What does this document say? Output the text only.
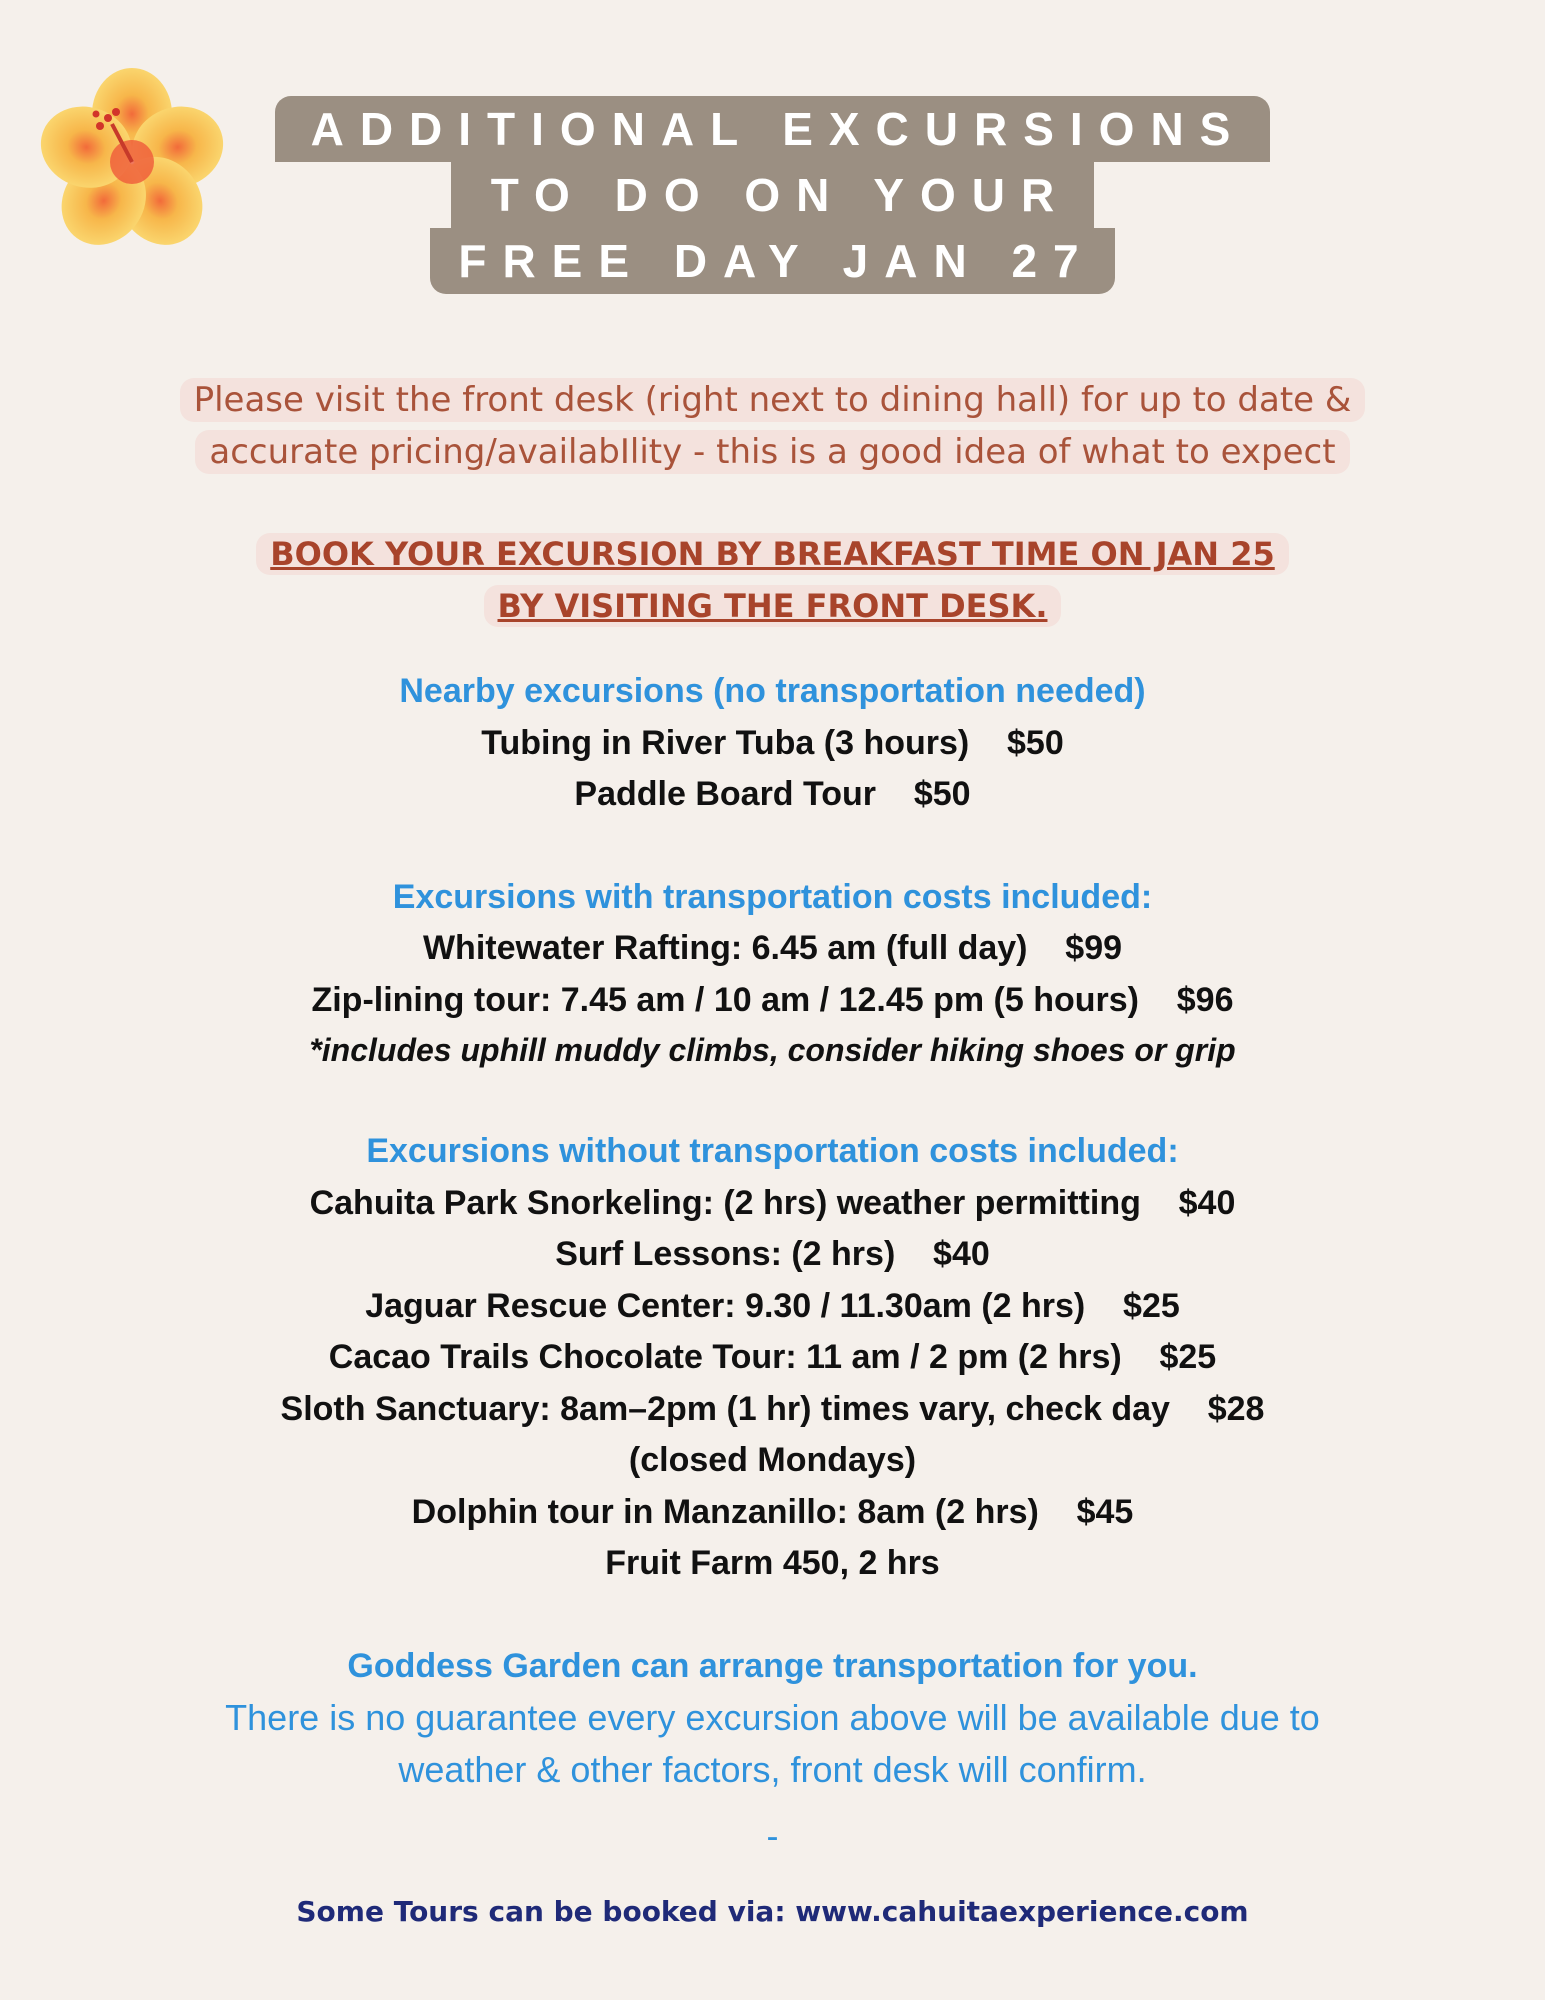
ADDITIONAL EXCURSIONS
TO DO ON YOUR
FREE DAY JAN 27
Please visit the front desk (right next to dining hall) for up to date &
accurate pricing/availabIlity - this is a good idea of what to expect
BOOK YOUR EXCURSION BY BREAKFAST TIME ON JAN 25
BY VISITING THE FRONT DESK.
Nearby excursions (no transportation needed)
Tubing in River Tuba (3 hours)    $50
Paddle Board Tour    $50
Excursions with transportation costs included:
Whitewater Rafting: 6.45 am (full day)    $99
Zip-lining tour: 7.45 am / 10 am / 12.45 pm (5 hours)    $96
*includes uphill muddy climbs, consider hiking shoes or grip
Excursions without transportation costs included:
Cahuita Park Snorkeling: (2 hrs) weather permitting    $40
Surf Lessons: (2 hrs)    $40
Jaguar Rescue Center: 9.30 / 11.30am (2 hrs)    $25
Cacao Trails Chocolate Tour: 11 am / 2 pm (2 hrs)    $25
Sloth Sanctuary: 8am–2pm (1 hr) times vary, check day    $28
(closed Mondays)
Dolphin tour in Manzanillo: 8am (2 hrs)    $45
Fruit Farm 450, 2 hrs
Goddess Garden can arrange transportation for you.
There is no guarantee every excursion above will be available due to
weather & other factors, front desk will confirm.
-
Some Tours can be booked via: www.cahuitaexperience.com
